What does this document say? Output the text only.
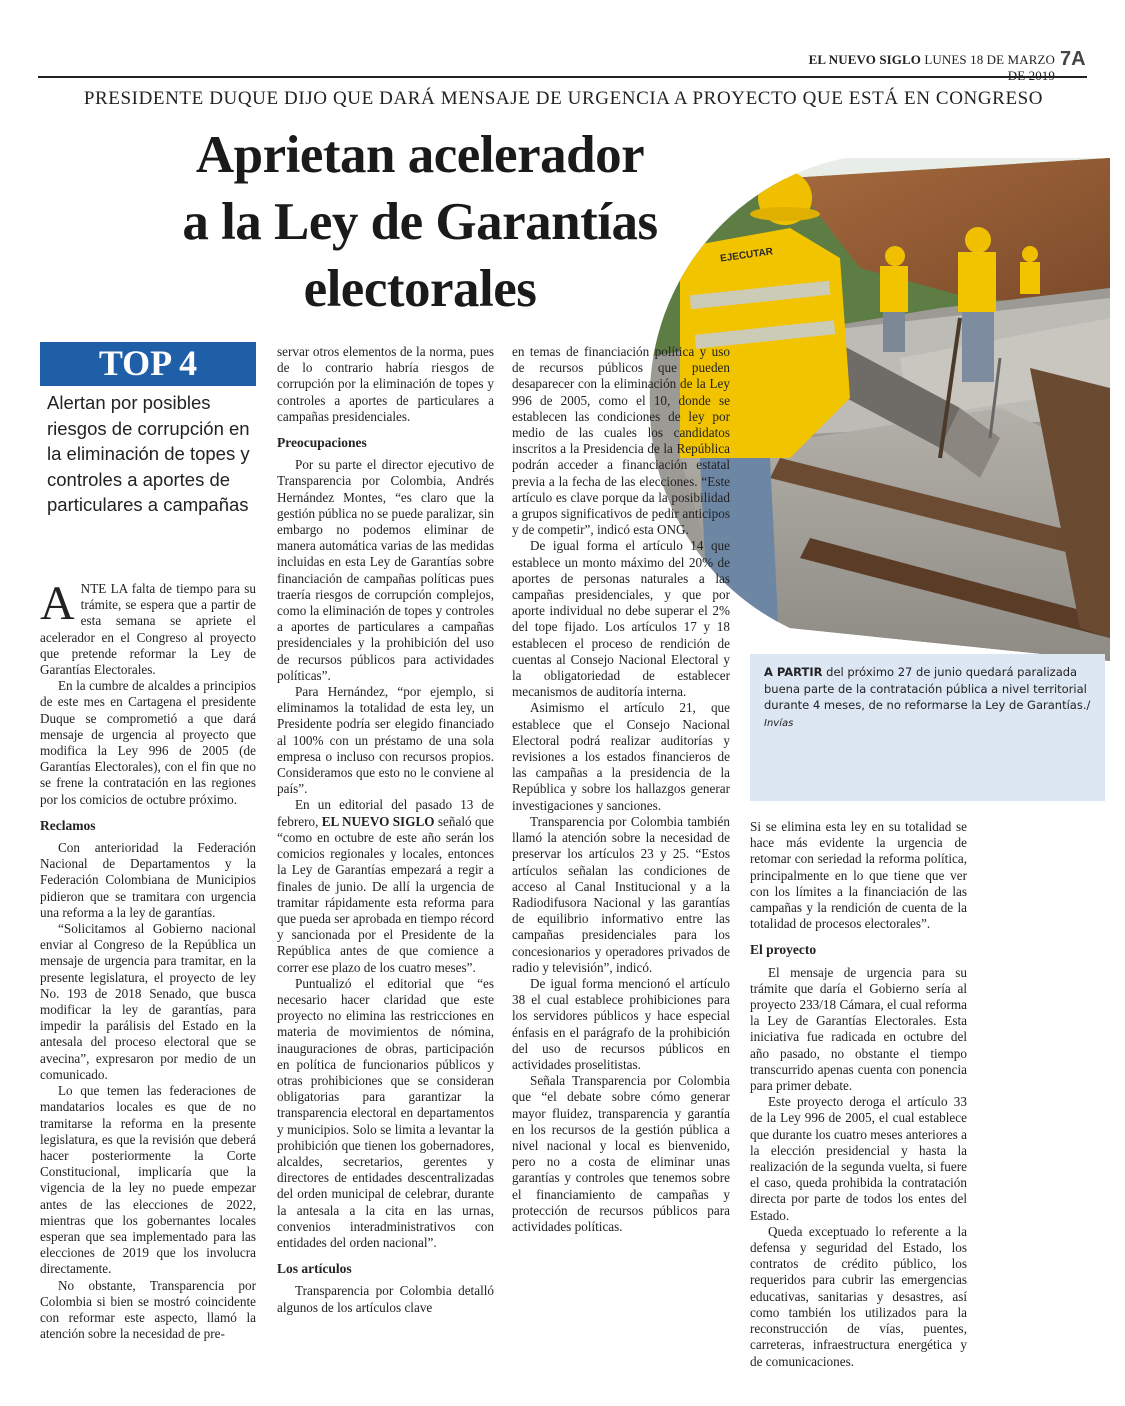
EL NUEVO SIGLO LUNES 18 DE MARZO 7A
PRESIDENTE DUQUE DIJO QUE DARÁ MENSAJE DE URGENCIA A PROYECTO QUE ESTÁ EN CONGRESO
Aprietan acelerador
a la Ley de Garantías
electorales
EJECUTAR
A PARTIR del próximo 27 de junio quedará paralizada buena parte de la contratación pública a nivel territorial durante 4 meses, de no reformarse la Ley de Garantías./ Invías
TOP 4
Alertan por posibles riesgos de corrupción en la eliminación de topes y controles a aportes de particulares a campañas

ANTE LA falta de tiempo para su trámite, se espera que a partir de esta semana se apriete el acelerador en el Congreso al proyecto que pretende reformar la Ley de Garantías Electorales.

En la cumbre de alcaldes a principios de este mes en Cartagena el presidente Duque se comprometió a que dará mensaje de urgencia al proyecto que modifica la Ley 996 de 2005 (de Garantías Electorales), con el fin que no se frene la contratación en las regiones por los comicios de octubre próximo.

Reclamos

Con anterioridad la Federación Nacional de Departamentos y la Federación Colombiana de Municipios pidieron que se tramitara con urgencia una reforma a la ley de garantías.

“Solicitamos al Gobierno nacional enviar al Congreso de la República un mensaje de urgencia para tramitar, en la presente legislatura, el proyecto de ley No. 193 de 2018 Senado, que busca modificar la ley de garantías, para impedir la parálisis del Estado en la antesala del proceso electoral que se avecina”, expresaron por medio de un comunicado.

Lo que temen las federaciones de mandatarios locales es que de no tramitarse la reforma en la presente legislatura, es que la revisión que deberá hacer posteriormente la Corte Constitucional, implicaría que la vigencia de la ley no puede empezar antes de las elecciones de 2022, mientras que los gobernantes locales esperan que sea implementado para las elecciones de 2019 que los involucra directamente.

No obstante, Transparencia por Colombia si bien se mostró coincidente con reformar este aspecto, llamó la atención sobre la necesidad de pre-

servar otros elementos de la norma, pues de lo contrario habría riesgos de corrupción por la eliminación de topes y controles a aportes de particulares a campañas presidenciales.

Preocupaciones

Por su parte el director ejecutivo de Transparencia por Colombia, Andrés Hernández Montes, “es claro que la gestión pública no se puede paralizar, sin embargo no podemos eliminar de manera automática varias de las medidas incluidas en esta Ley de Garantías sobre financiación de campañas políticas pues traería riesgos de corrupción complejos, como la eliminación de topes y controles a aportes de particulares a campañas presidenciales y la prohibición del uso de recursos públicos para actividades políticas”.

Para Hernández, “por ejemplo, si eliminamos la totalidad de esta ley, un Presidente podría ser elegido financiado al 100% con un préstamo de una sola empresa o incluso con recursos propios. Consideramos que esto no le conviene al país”.

En un editorial del pasado 13 de febrero, EL NUEVO SIGLO señaló que “como en octubre de este año serán los comicios regionales y locales, entonces la Ley de Garantías empezará a regir a finales de junio. De allí la urgencia de tramitar rápidamente esta reforma para que pueda ser aprobada en tiempo récord y sancionada por el Presidente de la República antes de que comience a correr ese plazo de los cuatro meses”.

Puntualizó el editorial que “es necesario hacer claridad que este proyecto no elimina las restricciones en materia de movimientos de nómina, inauguraciones de obras, participación en política de funcionarios públicos y otras prohibiciones que se consideran obligatorias para garantizar la transparencia electoral en departamentos y municipios. Solo se limita a levantar la prohibición que tienen los gobernadores, alcaldes, secretarios, gerentes y directores de entidades descentralizadas del orden municipal de celebrar, durante la antesala a la cita en las urnas, convenios interadministrativos con entidades del orden nacional”.

Los artículos

Transparencia por Colombia detalló algunos de los artículos clave

en temas de financiación política y uso de recursos públicos que pueden desaparecer con la eliminación de la Ley 996 de 2005, como el 10, donde se establecen las condiciones de ley por medio de las cuales los candidatos inscritos a la Presidencia de la República podrán acceder a financiación estatal previa a la fecha de las elecciones. “Este artículo es clave porque da la posibilidad a grupos significativos de pedir anticipos y de competir”, indicó esta ONG.

De igual forma el artículo 14 que establece un monto máximo del 20% de aportes de personas naturales a las campañas presidenciales, y que por aporte individual no debe superar el 2% del tope fijado. Los artículos 17 y 18 establecen el proceso de rendición de cuentas al Consejo Nacional Electoral y la obligatoriedad de establecer mecanismos de auditoría interna.

Asimismo el artículo 21, que establece que el Consejo Nacional Electoral podrá realizar auditorías y revisiones a los estados financieros de las campañas a la presidencia de la República y sobre los hallazgos generar investigaciones y sanciones.

Transparencia por Colombia también llamó la atención sobre la necesidad de preservar los artículos 23 y 25. “Estos artículos señalan las condiciones de acceso al Canal Institucional y a la Radiodifusora Nacional y las garantías de equilibrio informativo entre las campañas presidenciales para los concesionarios y operadores privados de radio y televisión”, indicó.

De igual forma mencionó el artículo 38 el cual establece prohibiciones para los servidores públicos y hace especial énfasis en el parágrafo de la prohibición del uso de recursos públicos en actividades proselitistas.

Señala Transparencia por Colombia que “el debate sobre cómo generar mayor fluidez, transparencia y garantía en los recursos de la gestión pública a nivel nacional y local es bienvenido, pero no a costa de eliminar unas garantías y controles que tenemos sobre el financiamiento de campañas y protección de recursos públicos para actividades políticas.

Si se elimina esta ley en su totalidad se hace más evidente la urgencia de retomar con seriedad la reforma política, principalmente en lo que tiene que ver con los límites a la financiación de las campañas y la rendición de cuenta de la totalidad de procesos electorales”.

El proyecto

El mensaje de urgencia para su trámite que daría el Gobierno sería al proyecto 233/18 Cámara, el cual reforma la Ley de Garantías Electorales. Esta iniciativa fue radicada en octubre del año pasado, no obstante el tiempo transcurrido apenas cuenta con ponencia para primer debate.

Este proyecto deroga el artículo 33 de la Ley 996 de 2005, el cual establece que durante los cuatro meses anteriores a la elección presidencial y hasta la realización de la segunda vuelta, si fuere el caso, queda prohibida la contratación directa por parte de todos los entes del Estado.

Queda exceptuado lo referente a la defensa y seguridad del Estado, los contratos de crédito público, los requeridos para cubrir las emergencias educativas, sanitarias y desastres, así como también los utilizados para la reconstrucción de vías, puentes, carreteras, infraestructura energética y de comunicaciones.
